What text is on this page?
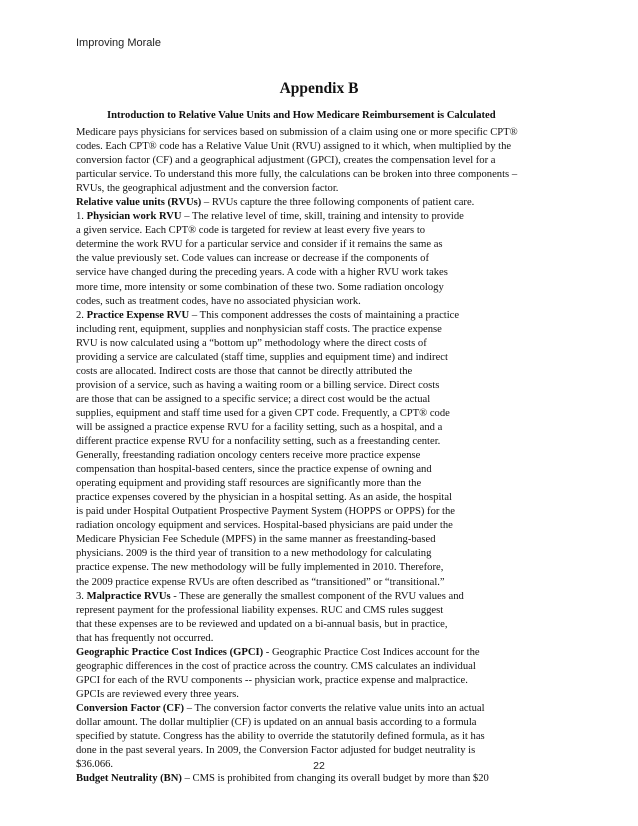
Improving Morale
Appendix B
Introduction to Relative Value Units and How Medicare Reimbursement is Calculated
Medicare pays physicians for services based on submission of a claim using one or more specific CPT®
codes. Each CPT® code has a Relative Value Unit (RVU) assigned to it which, when multiplied by the
conversion factor (CF) and a geographical adjustment (GPCI), creates the compensation level for a
particular service. To understand this more fully, the calculations can be broken into three components –
RVUs, the geographical adjustment and the conversion factor.
Relative value units (RVUs) – RVUs capture the three following components of patient care.
1. Physician work RVU – The relative level of time, skill, training and intensity to provide
a given service. Each CPT® code is targeted for review at least every five years to
determine the work RVU for a particular service and consider if it remains the same as
the value previously set. Code values can increase or decrease if the components of
service have changed during the preceding years. A code with a higher RVU work takes
more time, more intensity or some combination of these two. Some radiation oncology
codes, such as treatment codes, have no associated physician work.
2. Practice Expense RVU – This component addresses the costs of maintaining a practice
including rent, equipment, supplies and nonphysician staff costs. The practice expense
RVU is now calculated using a “bottom up” methodology where the direct costs of
providing a service are calculated (staff time, supplies and equipment time) and indirect
costs are allocated. Indirect costs are those that cannot be directly attributed the
provision of a service, such as having a waiting room or a billing service. Direct costs
are those that can be assigned to a specific service; a direct cost would be the actual
supplies, equipment and staff time used for a given CPT code. Frequently, a CPT® code
will be assigned a practice expense RVU for a facility setting, such as a hospital, and a
different practice expense RVU for a nonfacility setting, such as a freestanding center.
Generally, freestanding radiation oncology centers receive more practice expense
compensation than hospital-based centers, since the practice expense of owning and
operating equipment and providing staff resources are significantly more than the
practice expenses covered by the physician in a hospital setting. As an aside, the hospital
is paid under Hospital Outpatient Prospective Payment System (HOPPS or OPPS) for the
radiation oncology equipment and services. Hospital-based physicians are paid under the
Medicare Physician Fee Schedule (MPFS) in the same manner as freestanding-based
physicians. 2009 is the third year of transition to a new methodology for calculating
practice expense. The new methodology will be fully implemented in 2010. Therefore,
the 2009 practice expense RVUs are often described as “transitioned” or “transitional.”
3. Malpractice RVUs - These are generally the smallest component of the RVU values and
represent payment for the professional liability expenses. RUC and CMS rules suggest
that these expenses are to be reviewed and updated on a bi-annual basis, but in practice,
that has frequently not occurred.
Geographic Practice Cost Indices (GPCI) - Geographic Practice Cost Indices account for the
geographic differences in the cost of practice across the country. CMS calculates an individual
GPCI for each of the RVU components -- physician work, practice expense and malpractice.
GPCIs are reviewed every three years.
Conversion Factor (CF) – The conversion factor converts the relative value units into an actual
dollar amount. The dollar multiplier (CF) is updated on an annual basis according to a formula
specified by statute. Congress has the ability to override the statutorily defined formula, as it has
done in the past several years. In 2009, the Conversion Factor adjusted for budget neutrality is
$36.066.
Budget Neutrality (BN) – CMS is prohibited from changing its overall budget by more than $20
22
